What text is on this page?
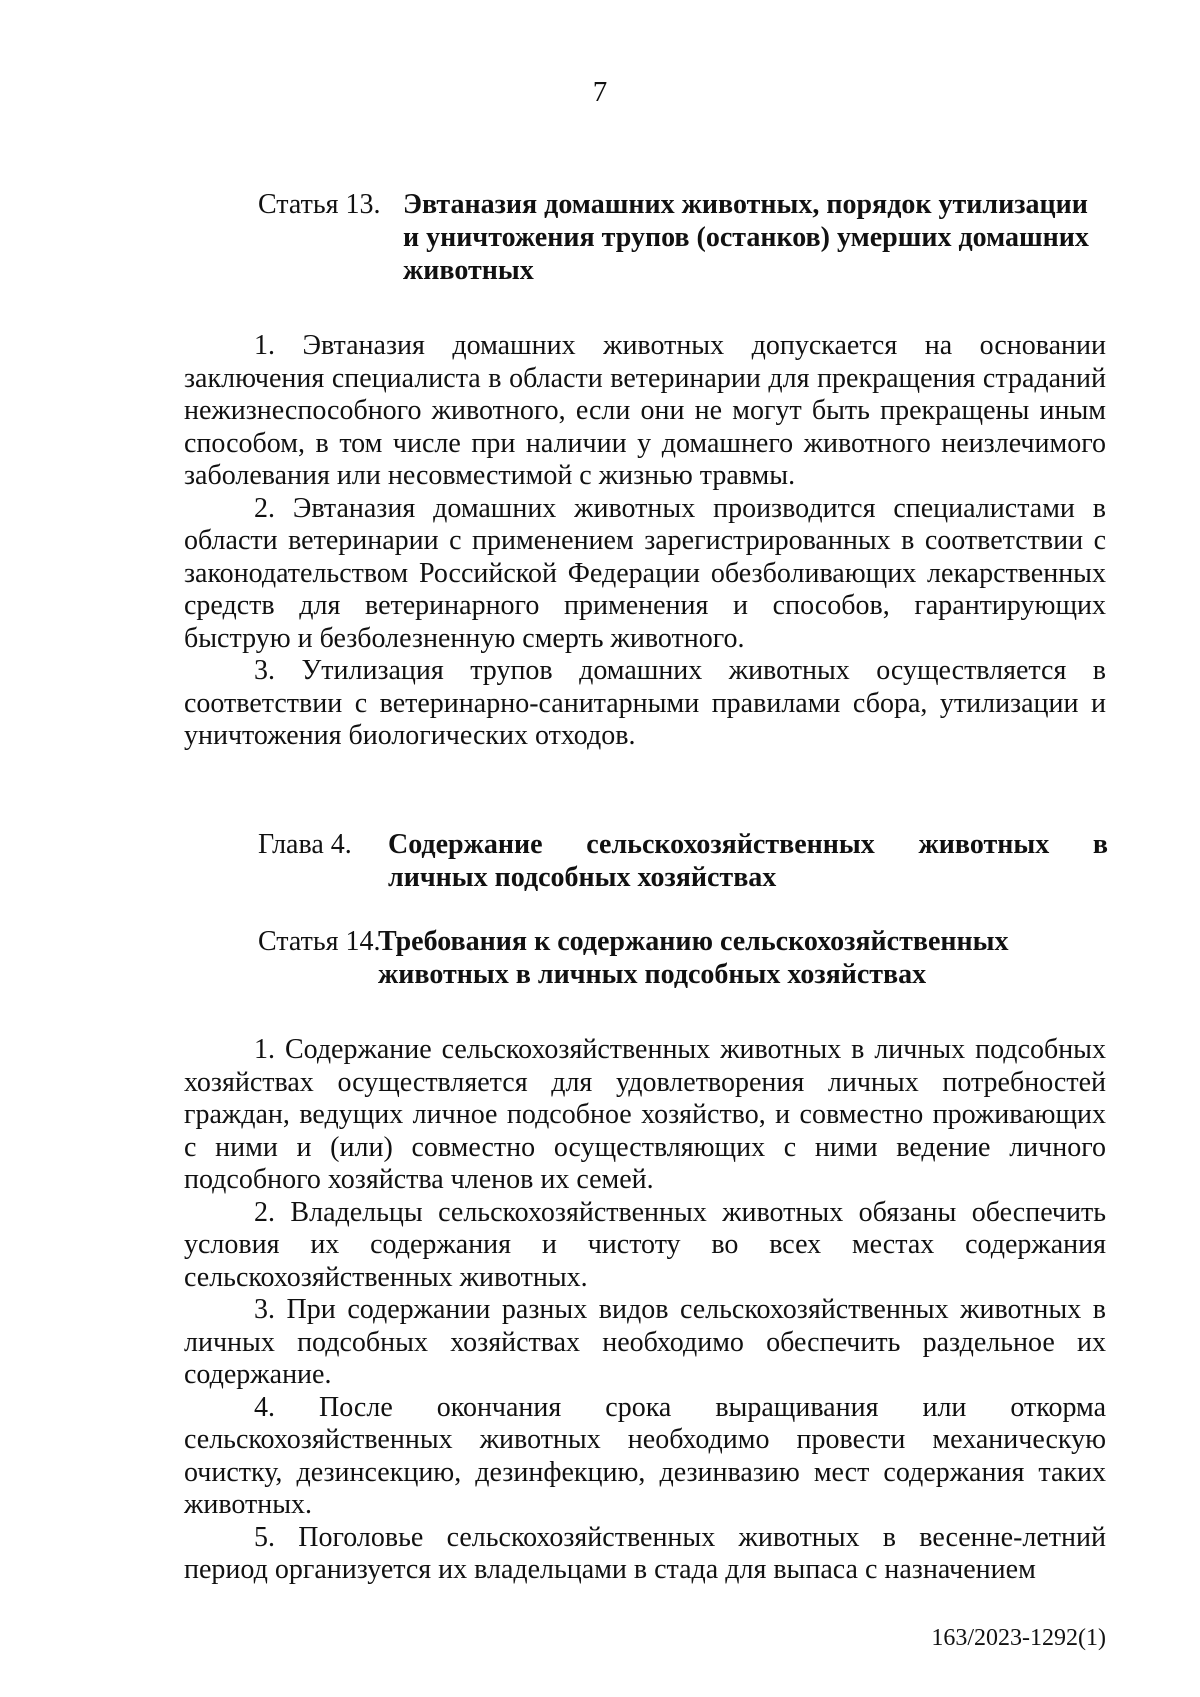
7
Статья 13. Эвтаназия домашних животных, порядок утилизации и уничтожения трупов (останков) умерших домашних животных

1. Эвтаназия домашних животных допускается на основании заключения специалиста в области ветеринарии для прекращения страданий нежизнеспособного животного, если они не могут быть прекращены иным способом, в том числе при наличии у домашнего животного неизлечимого заболевания или несовместимой с жизнью травмы.

2. Эвтаназия домашних животных производится специалистами в области ветеринарии с применением зарегистрированных в соответствии с законодательством Российской Федерации обезболивающих лекарственных средств для ветеринарного применения и способов, гарантирующих быструю и безболезненную смерть животного.

3. Утилизация трупов домашних животных осуществляется в соответствии с ветеринарно-санитарными правилами сбора, утилизации и уничтожения биологических отходов.

Глава 4. Содержание сельскохозяйственных животных в
личных подсобных хозяйствах
Статья 14.
Требования к содержанию сельскохозяйственных животных в личных подсобных хозяйствах

1. Содержание сельскохозяйственных животных в личных подсобных хозяйствах осуществляется для удовлетворения личных потребностей граждан, ведущих личное подсобное хозяйство, и совместно проживающих с ними и (или) совместно осуществляющих с ними ведение личного подсобного хозяйства членов их семей.

2. Владельцы сельскохозяйственных животных обязаны обеспечить условия их содержания и чистоту во всех местах содержания сельскохозяйственных животных.

3. При содержании разных видов сельскохозяйственных животных в личных подсобных хозяйствах необходимо обеспечить раздельное их содержание.

4. После окончания срока выращивания или откорма сельскохозяйственных животных необходимо провести механическую очистку, дезинсекцию, дезинфекцию, дезинвазию мест содержания таких животных.

5. Поголовье сельскохозяйственных животных в весенне-летний период организуется их владельцами в стада для выпаса с назначением

163/2023-1292(1)
